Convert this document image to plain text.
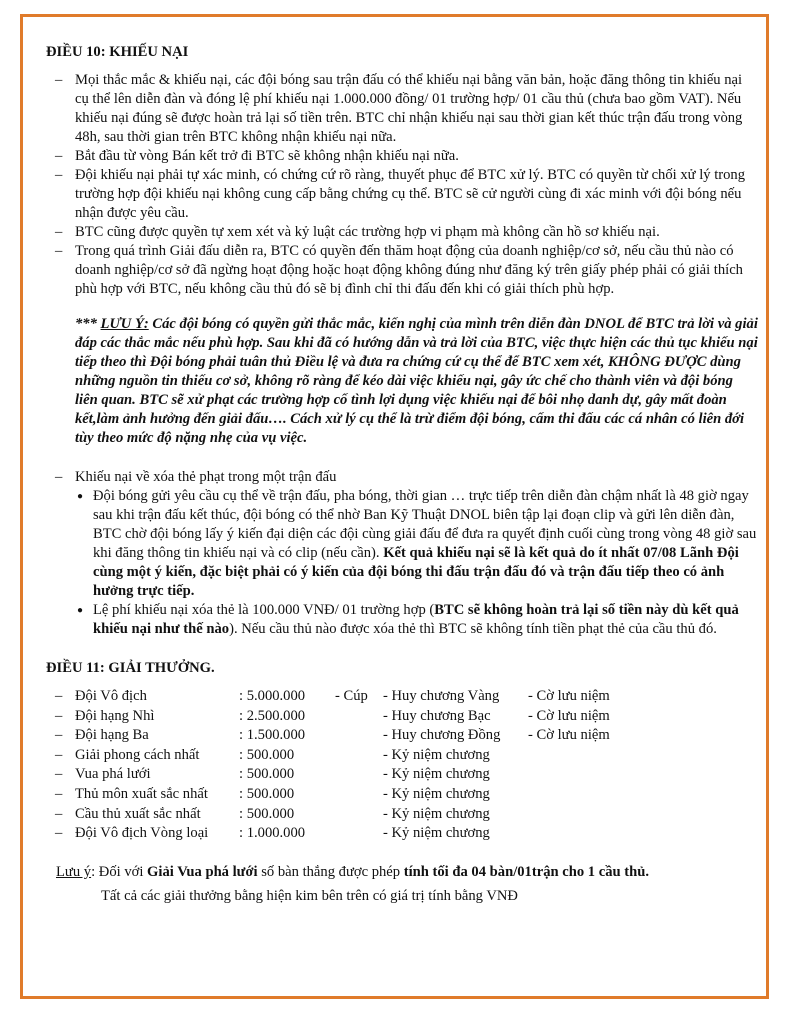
ĐIỀU 10: KHIẾU NẠI

– Mọi thắc mắc & khiếu nại, các đội bóng sau trận đấu có thể khiếu nại bằng văn bản, hoặc đăng thông tin khiếu nại cụ thể lên diễn đàn và đóng lệ phí khiếu nại 1.000.000 đồng/ 01 trường hợp/ 01 cầu thủ (chưa bao gồm VAT). Nếu khiếu nại đúng sẽ được hoàn trả lại số tiền trên. BTC chỉ nhận khiếu nại sau thời gian kết thúc trận đấu trong vòng 48h, sau thời gian trên BTC không nhận khiếu nại nữa.
– Bắt đầu từ vòng Bán kết trở đi BTC sẽ không nhận khiếu nại nữa.
– Đội khiếu nại phải tự xác minh, có chứng cứ rõ ràng, thuyết phục để BTC xử lý. BTC có quyền từ chối xử lý trong trường hợp đội khiếu nại không cung cấp bằng chứng cụ thể. BTC sẽ cử người cùng đi xác minh với đội bóng nếu nhận được yêu cầu.
– BTC cũng được quyền tự xem xét và kỷ luật các trường hợp vi phạm mà không cần hồ sơ khiếu nại.
– Trong quá trình Giải đấu diễn ra, BTC có quyền đến thăm hoạt động của doanh nghiệp/cơ sở, nếu cầu thủ nào có doanh nghiệp/cơ sở đã ngừng hoạt động hoặc hoạt động không đúng như đăng ký trên giấy phép phải có giải thích phù hợp với BTC, nếu không cầu thủ đó sẽ bị đình chỉ thi đấu đến khi có giải thích phù hợp.

*** LƯU Ý: Các đội bóng có quyền gửi thắc mắc, kiến nghị của mình trên diễn đàn DNOL để BTC trả lời và giải đáp các thắc mắc nếu phù hợp. Sau khi đã có hướng dẫn và trả lời của BTC, việc thực hiện các thủ tục khiếu nại tiếp theo thì Đội bóng phải tuân thủ Điều lệ và đưa ra chứng cứ cụ thể để BTC xem xét, KHÔNG ĐƯỢC dùng những nguồn tin thiếu cơ sở, không rõ ràng để kéo dài việc khiếu nại, gây ức chế cho thành viên và đội bóng liên quan. BTC sẽ xử phạt các trường hợp cố tình lợi dụng việc khiếu nại để bôi nhọ danh dự, gây mất đoàn kết,làm ảnh hưởng đến giải đấu…. Cách xử lý cụ thể là trừ điểm đội bóng, cấm thi đấu các cá nhân có liên đới tùy theo mức độ nặng nhẹ của vụ việc.

– Khiếu nại về xóa thẻ phạt trong một trận đấu
● Đội bóng gửi yêu cầu cụ thể về trận đấu, pha bóng, thời gian … trực tiếp trên diễn đàn chậm nhất là 48 giờ ngay sau khi trận đấu kết thúc, đội bóng có thể nhờ Ban Kỹ Thuật DNOL biên tập lại đoạn clip và gửi lên diễn đàn, BTC chờ đội bóng lấy ý kiến đại diện các đội cùng giải đấu để đưa ra quyết định cuối cùng trong vòng 48 giờ sau khi đăng thông tin khiếu nại và có clip (nếu cần). Kết quả khiếu nại sẽ là kết quả do ít nhất 07/08 Lãnh Đội cùng một ý kiến, đặc biệt phải có ý kiến của đội bóng thi đấu trận đấu đó và trận đấu tiếp theo có ảnh hưởng trực tiếp.
● Lệ phí khiếu nại xóa thẻ là 100.000 VNĐ/ 01 trường hợp (BTC sẽ không hoàn trả lại số tiền này dù kết quả khiếu nại như thế nào). Nếu cầu thủ nào được xóa thẻ thì BTC sẽ không tính tiền phạt thẻ của cầu thủ đó.

ĐIỀU 11: GIẢI THƯỞNG.

–	Đội Vô địch	: 5.000.000	- Cúp	- Huy chương Vàng	- Cờ lưu niệm
–	Đội hạng Nhì	: 2.500.000		- Huy chương Bạc	- Cờ lưu niệm
–	Đội hạng Ba	: 1.500.000		- Huy chương Đồng	- Cờ lưu niệm
–	Giải phong cách nhất	: 500.000		- Kỷ niệm chương	
–	Vua phá lưới	: 500.000		- Kỷ niệm chương	
–	Thủ môn xuất sắc nhất	: 500.000		- Kỷ niệm chương	
–	Cầu thủ xuất sắc nhất	: 500.000		- Kỷ niệm chương	
–	Đội Vô địch Vòng loại	: 1.000.000		- Kỷ niệm chương	
Lưu ý: Đối với Giải Vua phá lưới số bàn thắng được phép tính tối đa 04 bàn/01trận cho 1 cầu thủ.
Tất cả các giải thưởng bằng hiện kim bên trên có giá trị tính bằng VNĐ
